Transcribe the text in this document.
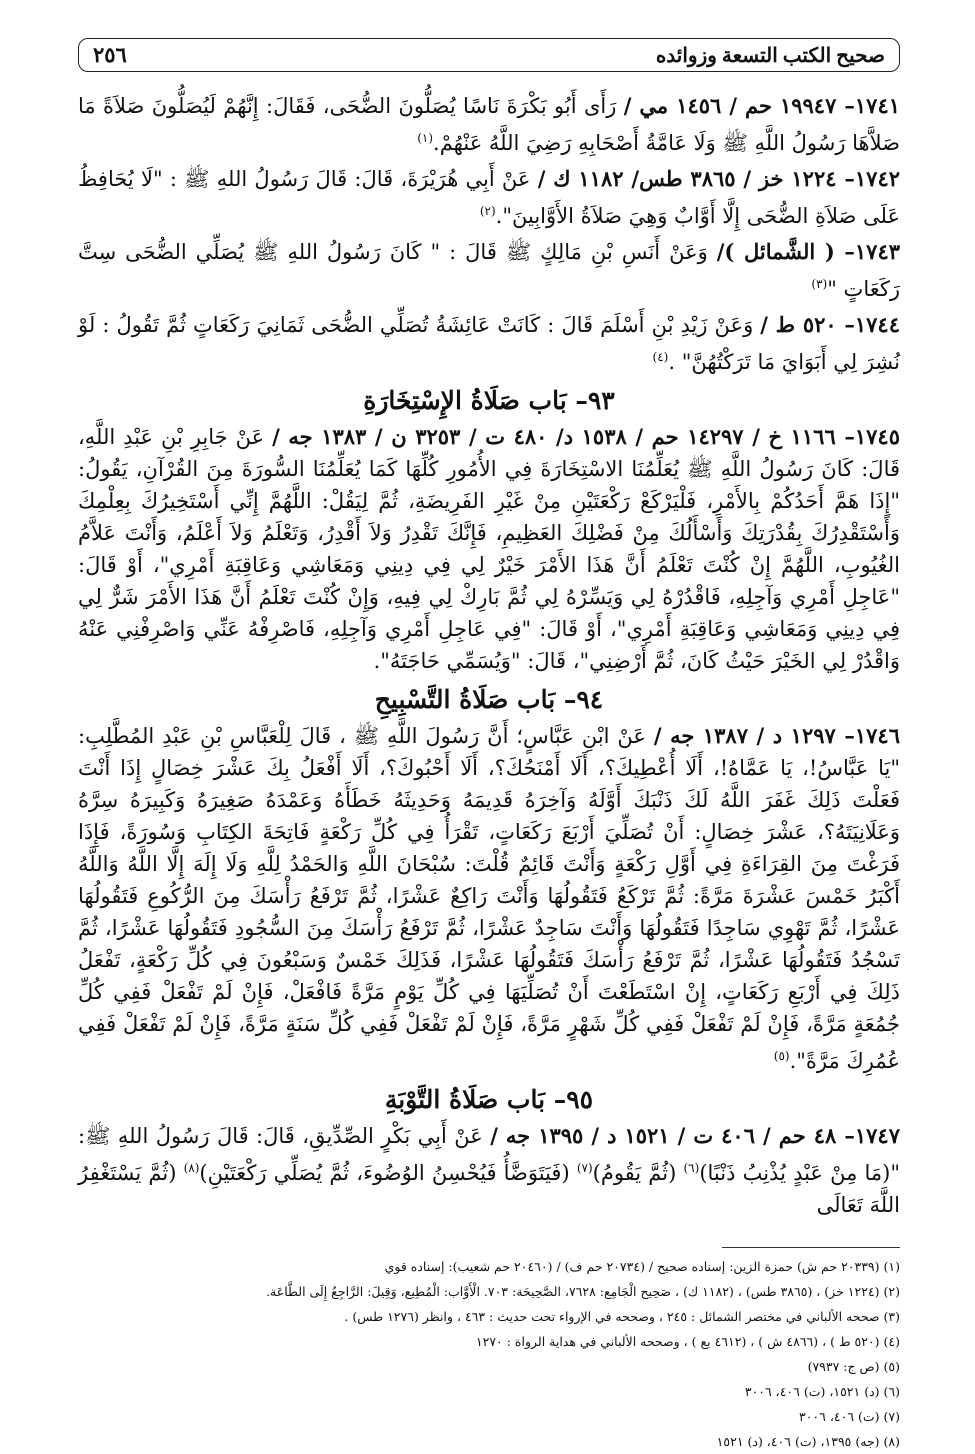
صحيح الكتب التسعة وزوائده
٢٥٦

١٧٤١– ١٩٩٤٧ حم / ١٤٥٦ مي / رَأَى أَبُو بَكْرَةَ نَاسًا يُصَلُّونَ الضُّحَى، فَقَالَ: إِنَّهُمْ لَيُصَلُّونَ صَلاَةً مَا صَلاَّهَا رَسُولُ اللَّهِ ﷺ وَلَا عَامَّةُ أَصْحَابِهِ رَضِيَ اللَّهُ عَنْهُمْ.$^{(١)}$

١٧٤٢– ١٢٢٤ خز / ٣٨٦٥ طس/ ١١٨٢ ك / عَنْ أَبِي هُرَيْرَةَ، قَالَ: قَالَ رَسُولُ اللهِ ﷺ : "لَا يُحَافِظُ عَلَى صَلاَةِ الضُّحَى إِلَّا أَوَّابٌ وَهِيَ صَلاَةُ الأَوَّابِينَ".$^{(٢)}$

١٧٤٣– ( الشَّمائل )/ وَعَنْ أَنَسِ بْنِ مَالِكٍ ﷺ قَالَ : " كَانَ رَسُولُ اللهِ ﷺ يُصَلِّي الضُّحَى سِتَّ رَكَعَاتٍ "$^{(٣)}$

١٧٤٤– ٥٢٠ ط / وَعَنْ زَيْدِ بْنِ أَسْلَمَ قَالَ : كَانَتْ عَائِشَةُ تُصَلِّي الضُّحَى ثَمَانِيَ رَكَعَاتٍ ثُمَّ تَقُولُ : لَوْ نُشِرَ لِي أَبَوَايَ مَا تَرَكْتُهُنَّ" .$^{(٤)}$

٩٣– بَاب صَلَاةُ الإِسْتِخَارَةِ

١٧٤٥– ١١٦٦ خ / ١٤٢٩٧ حم / ١٥٣٨ د/ ٤٨٠ ت / ٣٢٥٣ ن / ١٣٨٣ جه / عَنْ جَابِرِ بْنِ عَبْدِ اللَّهِ، قَالَ: كَانَ رَسُولُ اللَّهِ ﷺ يُعَلِّمُنَا الاسْتِخَارَةَ فِي الأُمُورِ كُلِّهَا كَمَا يُعَلِّمُنَا السُّورَةَ مِنَ القُرْآنِ، يَقُولُ: "إِذَا هَمَّ أَحَدُكُمْ بِالأَمْرِ، فَلْيَرْكَعْ رَكْعَتَيْنِ مِنْ غَيْرِ الفَرِيضَةِ، ثُمَّ لِيَقُلْ: اللَّهُمَّ إِنِّي أَسْتَخِيرُكَ بِعِلْمِكَ وَأَسْتَقْدِرُكَ بِقُدْرَتِكَ وَأَسْأَلُكَ مِنْ فَضْلِكَ العَظِيمِ، فَإِنَّكَ تَقْدِرُ وَلاَ أَقْدِرُ، وَتَعْلَمُ وَلاَ أَعْلَمُ، وَأَنْتَ عَلاَّمُ الغُيُوبِ، اللَّهُمَّ إِنْ كُنْتَ تَعْلَمُ أَنَّ هَذَا الأَمْرَ خَيْرٌ لِي فِي دِينِي وَمَعَاشِي وَعَاقِبَةِ أَمْرِي"، أَوْ قَالَ: "عَاجِلِ أَمْرِي وَآجِلِهِ، فَاقْدُرْهُ لِي وَيَسِّرْهُ لِي ثُمَّ بَارِكْ لِي فِيهِ، وَإِنْ كُنْتَ تَعْلَمُ أَنَّ هَذَا الأَمْرَ شَرٌّ لِي فِي دِينِي وَمَعَاشِي وَعَاقِبَةِ أَمْرِي"، أَوْ قَالَ: "فِي عَاجِلِ أَمْرِي وَآجِلِهِ، فَاصْرِفْهُ عَنِّي وَاصْرِفْنِي عَنْهُ وَاقْدُرْ لِي الخَيْرَ حَيْثُ كَانَ، ثُمَّ أَرْضِنِي"، قَالَ: "وَيُسَمِّي حَاجَتَهُ".

٩٤– بَاب صَلَاةُ التَّسْبِيحِ

١٧٤٦– ١٢٩٧ د / ١٣٨٧ جه / عَنْ ابْنِ عَبَّاسٍ؛ أَنَّ رَسُولَ اللَّهِ ﷺ ، قَالَ لِلْعَبَّاسِ بْنِ عَبْدِ المُطَّلِبِ: "يَا عَبَّاسُ!، يَا عَمَّاهُ!، أَلَا أُعْطِيكَ؟، أَلَا أَمْنَحُكَ؟، أَلَا أَحْبُوكَ؟، أَلَا أَفْعَلُ بِكَ عَشْرَ خِصَالٍ إِذَا أَنْتَ فَعَلْتَ ذَلِكَ غَفَرَ اللَّهُ لَكَ ذَنْبَكَ أَوَّلَهُ وَآخِرَهُ قَدِيمَهُ وَحَدِيثَهُ خَطَأَهُ وَعَمْدَهُ صَغِيرَهُ وَكَبِيرَهُ سِرَّهُ وَعَلَانِيَتَهُ؟، عَشْرَ خِصَالٍ: أَنْ تُصَلِّيَ أَرْبَعَ رَكَعَاتٍ، تَقْرَأُ فِي كُلِّ رَكْعَةٍ فَاتِحَةَ الكِتَابِ وَسُورَةً، فَإِذَا فَرَغْتَ مِنَ القِرَاءَةِ فِي أَوَّلِ رَكْعَةٍ وَأَنْتَ قَائِمٌ قُلْتَ: سُبْحَانَ اللَّهِ وَالحَمْدُ لِلَّهِ وَلَا إِلَهَ إِلَّا اللَّهُ وَاللَّهُ أَكْبَرُ خَمْسَ عَشْرَةَ مَرَّةً: ثُمَّ تَرْكَعُ فَتَقُولُهَا وَأَنْتَ رَاكِعٌ عَشْرًا، ثُمَّ تَرْفَعُ رَأْسَكَ مِنَ الرُّكُوعِ فَتَقُولُهَا عَشْرًا، ثُمَّ تَهْوِي سَاجِدًا فَتَقُولُهَا وَأَنْتَ سَاجِدٌ عَشْرًا، ثُمَّ تَرْفَعُ رَأْسَكَ مِنَ السُّجُودِ فَتَقُولُهَا عَشْرًا، ثُمَّ تَسْجُدُ فَتَقُولُهَا عَشْرًا، ثُمَّ تَرْفَعُ رَأْسَكَ فَتَقُولُهَا عَشْرًا، فَذَلِكَ خَمْسٌ وَسَبْعُونَ فِي كُلِّ رَكْعَةٍ، تَفْعَلُ ذَلِكَ فِي أَرْبَعِ رَكَعَاتٍ، إِنْ اسْتَطَعْتَ أَنْ تُصَلِّيَهَا فِي كُلِّ يَوْمٍ مَرَّةً فَافْعَلْ، فَإِنْ لَمْ تَفْعَلْ فَفِي كُلِّ جُمُعَةٍ مَرَّةً، فَإِنْ لَمْ تَفْعَلْ فَفِي كُلِّ شَهْرٍ مَرَّةً، فَإِنْ لَمْ تَفْعَلْ فَفِي كُلِّ سَنَةٍ مَرَّةً، فَإِنْ لَمْ تَفْعَلْ فَفِي عُمُرِكَ مَرَّةً".$^{(٥)}$

٩٥– بَاب صَلَاةُ التَّوْبَةِ

١٧٤٧– ٤٨ حم / ٤٠٦ ت / ١٥٢١ د / ١٣٩٥ جه / عَنْ أَبِي بَكْرٍ الصِّدِّيقِ، قَالَ: قَالَ رَسُولُ اللهِ ﷺ: "(مَا مِنْ عَبْدٍ يُذْنِبُ ذَنْبًا)$^{(٦)}$ (ثُمَّ يَقُومُ)$^{(٧)}$ (فَيَتَوَضَّأُ فَيُحْسِنُ الوُضُوءَ، ثُمَّ يُصَلِّي رَكْعَتَيْنِ)$^{(٨)}$ (ثُمَّ يَسْتَغْفِرُ اللَّهَ تَعَالَى

(١) (٢٠٣٣٩ حم ش) حمزة الزين: إسناده صحيح / (٢٠٧٣٤ حم ف) / (٢٠٤٦٠ حم شعيب): إسناده قوي
(٢) (١٢٢٤ خز) ، (٣٨٦٥ طس) ، (١١٨٢ ك) ، صَحِيح الْجَامِع: ٧٦٢٨، الصَّحِيحَة: ٧٠٣. الْأَوَّاب: الْمُطِيع، وَقِيلَ: الرَّاجِعُ إِلَى الطَّاعَة.
(٣) صححه الألباني في مختصر الشمائل : ٢٤٥ ، وصححه في الإرواء تحت حديث : ٤٦٣ ، وانظر (١٢٧٦ طس) .
(٤) (٥٢٠ ط ) ، (٤٨٦٦ ش ) ، (٤٦١٢ يع ) ، وصححه الألباني في هداية الرواة : ١٢٧٠
(٥) (ص ج: ٧٩٣٧)
(٦) (د) ١٥٢١، (ت) ٤٠٦، ٣٠٠٦
(٧) (ت) ٤٠٦، ٣٠٠٦
(٨) (جه) ١٣٩٥، (ت) ٤٠٦، (د) ١٥٢١
